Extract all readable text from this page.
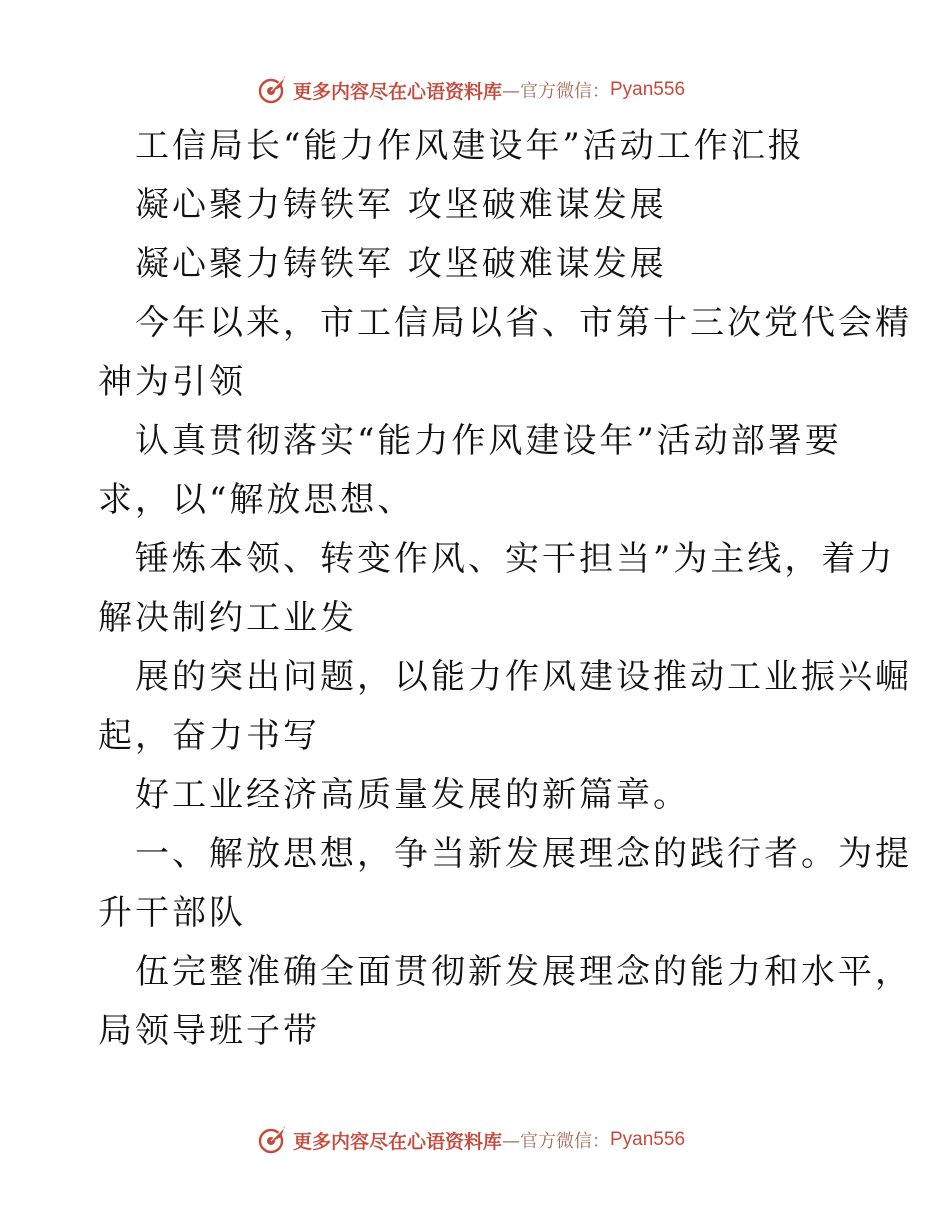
更多内容尽在心语资料库 —官方微信： Pyan556
工信局长“能力作风建设年”活动工作汇报
凝心聚力铸铁军 攻坚破难谋发展
凝心聚力铸铁军 攻坚破难谋发展
今年以来，市工信局以省、市第十三次党代会精
神为引领
认真贯彻落实“能力作风建设年”活动部署要
求，以“解放思想、
锤炼本领、转变作风、实干担当”为主线，着力
解决制约工业发
展的突出问题，以能力作风建设推动工业振兴崛
起，奋力书写
好工业经济高质量发展的新篇章。
一、解放思想，争当新发展理念的践行者。为提
升干部队
伍完整准确全面贯彻新发展理念的能力和水平，
局领导班子带
更多内容尽在心语资料库 —官方微信： Pyan556
